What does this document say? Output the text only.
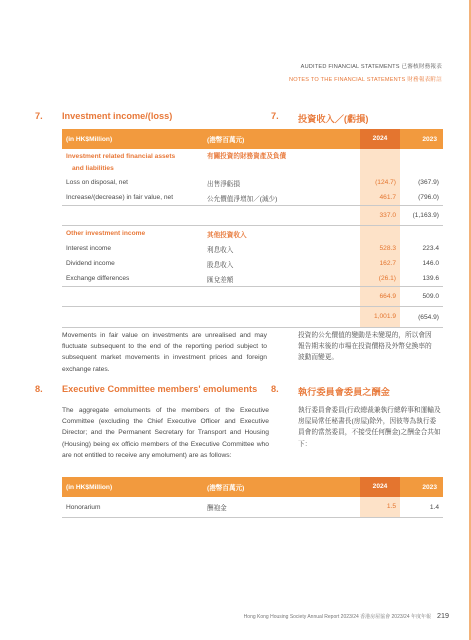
AUDITED FINANCIAL STATEMENTS 已審核財務報表
NOTES TO THE FINANCIAL STATEMENTS 財務報表附註
7. Investment income/(loss)	7. 投資收入／(虧損)
(in HK$Million)	(港幣百萬元)	2024	2023
Investment related financial assets
and liabilities
有關投資的財務資產及負債
Loss on disposal, net	出售淨虧損	(124.7)	(367.9)
Increase/(decrease) in fair value, net	公允價值淨增加／(減少)	461.7	(796.0)
337.0	(1,163.9)
Other investment income	其他投資收入
Interest income	利息收入	528.3	223.4
Dividend income	股息收入	162.7	146.0
Exchange differences	匯兌差額	(26.1)	139.6
664.9	509.0
1,001.9	(654.9)
Movements in fair value on investments are unrealised and may fluctuate subsequent to the end of the reporting period subject to subsequent market movements in investment prices and foreign exchange rates.
投資的公允價值的變動是未變現的，所以會因報告期末後的市場在投資價格及外幣兌換率的波動而變更。
8. Executive Committee members' emoluments 8. 執行委員會委員之酬金
The aggregate emoluments of the members of the Executive Committee (excluding the Chief Executive Officer and Executive Director; and the Permanent Secretary for Transport and Housing (Housing) being ex officio members of the Executive Committee who are not entitled to receive any emolument) are as follows:
執行委員會委員(行政總裁兼執行總幹事和運輸及房屋局常任秘書長(房屋)除外，因彼等為執行委員會的當然委員，不接受任何酬金)之酬金合共如下：
(in HK$Million)	(港幣百萬元)	2024	2023
Honorarium	酬袍金	1.5	1.4
Hong Kong Housing Society Annual Report 2023/24 香港房屋協會 2023/24 年度年報 219
